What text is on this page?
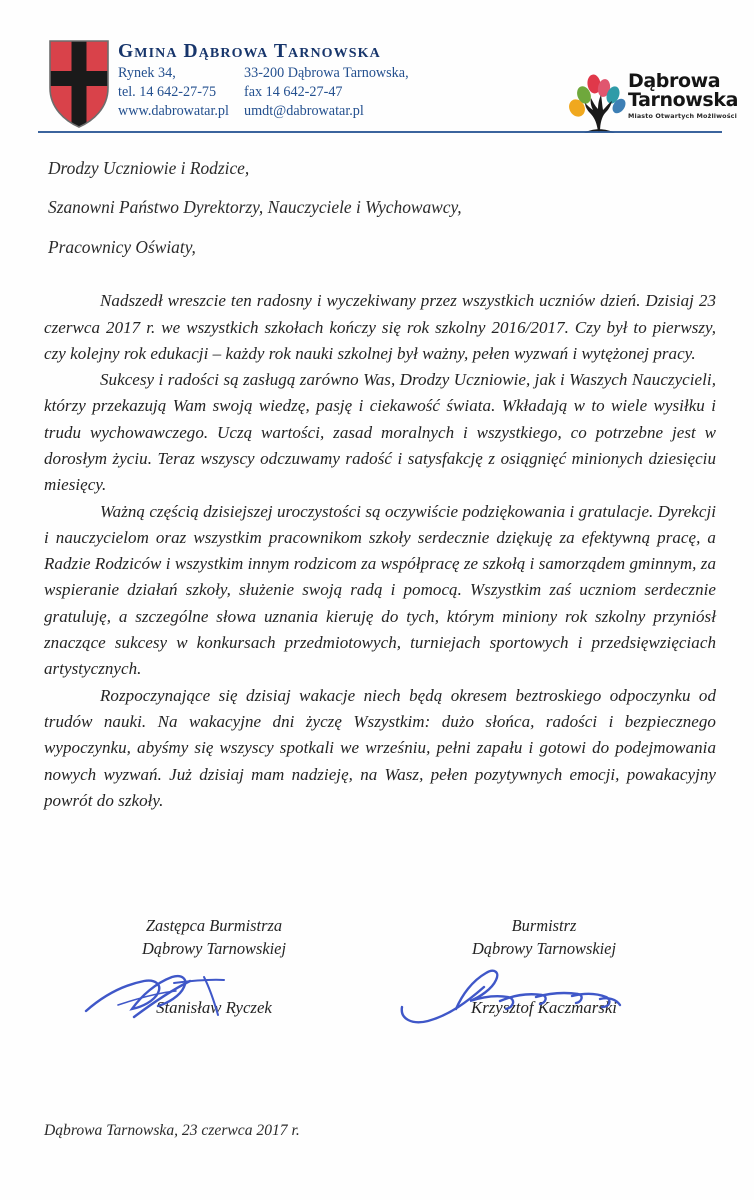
Gmina Dąbrowa Tarnowska
Rynek 34,	33-200 Dąbrowa Tarnowska,
tel. 14 642-27-75	fax 14 642-27-47
www.dabrowatar.pl	umdt@dabrowatar.pl
Dąbrowa
Tarnowska
Miasto Otwartych Możliwości
Drodzy Uczniowie i Rodzice,
Szanowni Państwo Dyrektorzy, Nauczyciele i Wychowawcy,
Pracownicy Oświaty,

Nadszedł wreszcie ten radosny i wyczekiwany przez wszystkich uczniów dzień. Dzisiaj 23 czerwca 2017 r. we wszystkich szkołach kończy się rok szkolny 2016/2017. Czy był to pierwszy, czy kolejny rok edukacji – każdy rok nauki szkolnej był ważny, pełen wyzwań i wytężonej pracy.

Sukcesy i radości są zasługą zarówno Was, Drodzy Uczniowie, jak i Waszych Nauczycieli, którzy przekazują Wam swoją wiedzę, pasję i ciekawość świata. Wkładają w to wiele wysiłku i trudu wychowawczego. Uczą wartości, zasad moralnych i wszystkiego, co potrzebne jest w dorosłym życiu. Teraz wszyscy odczuwamy radość i satysfakcję z osiągnięć minionych dziesięciu miesięcy.

Ważną częścią dzisiejszej uroczystości są oczywiście podziękowania i gratulacje. Dyrekcji i nauczycielom oraz wszystkim pracownikom szkoły serdecznie dziękuję za efektywną pracę, a Radzie Rodziców i wszystkim innym rodzicom za współpracę ze szkołą i samorządem gminnym, za wspieranie działań szkoły, służenie swoją radą i pomocą. Wszystkim zaś uczniom serdecznie gratuluję, a szczególne słowa uznania kieruję do tych, którym miniony rok szkolny przyniósł znaczące sukcesy w konkursach przedmiotowych, turniejach sportowych i przedsięwzięciach artystycznych.

Rozpoczynające się dzisiaj wakacje niech będą okresem beztroskiego odpoczynku od trudów nauki. Na wakacyjne dni życzę Wszystkim: dużo słońca, radości i bezpiecznego wypoczynku, abyśmy się wszyscy spotkali we wrześniu, pełni zapału i gotowi do podejmowania nowych wyzwań. Już dzisiaj mam nadzieję, na Wasz, pełen pozytywnych emocji, powakacyjny powrót do szkoły.

Zastępca Burmistrza
Dąbrowy Tarnowskiej
Stanisław Ryczek
Burmistrz
Dąbrowy Tarnowskiej
Krzysztof Kaczmarski
Dąbrowa Tarnowska, 23 czerwca 2017 r.
